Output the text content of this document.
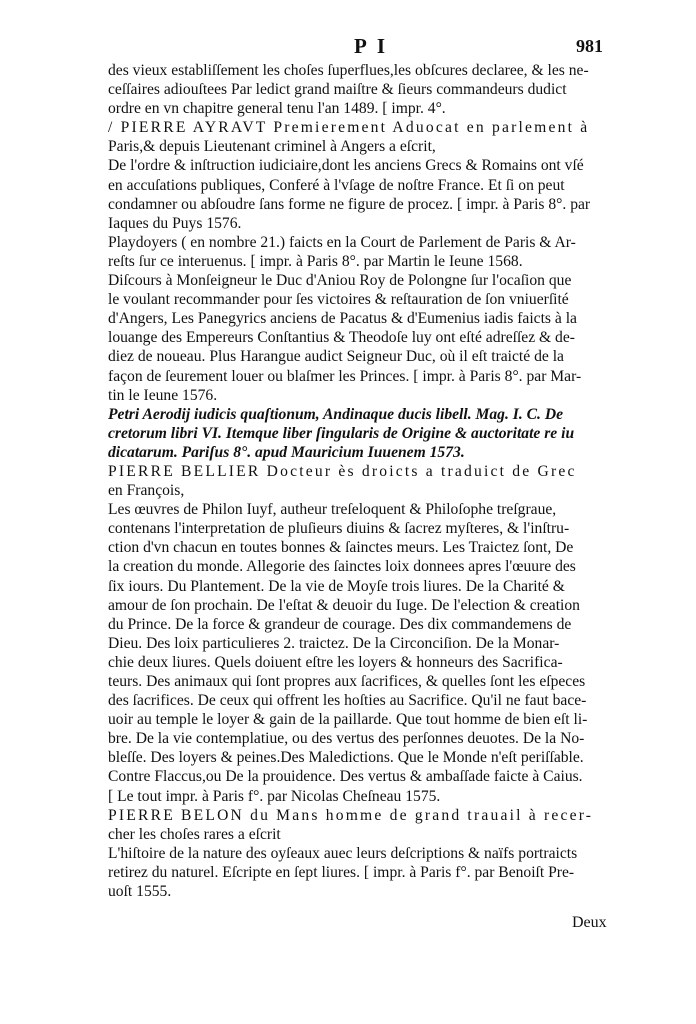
P I	981
des vieux establiſſement les choſes ſuperflues,les obſcures declaree, & les ne-
ceſſaires adiouſtees Par ledict grand maiſtre & ſieurs commandeurs dudict
ordre en vn chapitre general tenu l'an 1489. [ impr. 4°.
/ PIERRE AYRAVT Premierement Aduocat en parlement à
Paris,& depuis Lieutenant criminel à Angers a eſcrit,
De l'ordre & inſtruction iudiciaire,dont les anciens Grecs & Romains ont vſé
en accuſations publiques, Conferé à l'vſage de noſtre France. Et ſi on peut
condamner ou abſoudre ſans forme ne figure de procez. [ impr. à Paris 8°. par
Iaques du Puys 1576.
Playdoyers ( en nombre 21.) faicts en la Court de Parlement de Paris & Ar-
reſts ſur ce interuenus. [ impr. à Paris 8°. par Martin le Ieune 1568.
Diſcours à Monſeigneur le Duc d'Aniou Roy de Polongne ſur l'ocaſion que
le voulant recommander pour ſes victoires & reſtauration de ſon vniuerſité
d'Angers, Les Panegyrics anciens de Pacatus & d'Eumenius iadis faicts à la
louange des Empereurs Conſtantius & Theodoſe luy ont eſté adreſſez & de-
diez de noueau. Plus Harangue audict Seigneur Duc, où il eſt traicté de la
façon de ſeurement louer ou blaſmer les Princes. [ impr. à Paris 8°. par Mar-
tin le Ieune 1576.
Petri Aerodij iudicis quaſtionum, Andinaque ducis libell. Mag. I. C. De
cretorum libri VI. Itemque liber ſingularis de Origine & auctoritate re iu
dicatarum. Pariſus 8°. apud Mauricium Iuuenem 1573.
PIERRE BELLIER Docteur ès droicts a traduict de Grec
en François,
Les œuvres de Philon Iuyf, autheur treſeloquent & Philoſophe treſgraue,
contenans l'interpretation de pluſieurs diuins & ſacrez myſteres, & l'inſtru-
ction d'vn chacun en toutes bonnes & ſainctes meurs. Les Traictez ſont, De
la creation du monde. Allegorie des ſainctes loix donnees apres l'œuure des
ſix iours. Du Plantement. De la vie de Moyſe trois liures. De la Charité &
amour de ſon prochain. De l'eſtat & deuoir du Iuge. De l'election & creation
du Prince. De la force & grandeur de courage. Des dix commandemens de
Dieu. Des loix particulieres 2. traictez. De la Circonciſion. De la Monar-
chie deux liures. Quels doiuent eſtre les loyers & honneurs des Sacrifica-
teurs. Des animaux qui ſont propres aux ſacrifices, & quelles ſont les eſpeces
des ſacrifices. De ceux qui offrent les hoſties au Sacrifice. Qu'il ne faut bace-
uoir au temple le loyer & gain de la paillarde. Que tout homme de bien eſt li-
bre. De la vie contemplatiue, ou des vertus des perſonnes deuotes. De la No-
bleſſe. Des loyers & peines.Des Maledictions. Que le Monde n'eſt periſſable.
Contre Flaccus,ou De la prouidence. Des vertus & ambaſſade faicte à Caius.
[ Le tout impr. à Paris f°. par Nicolas Cheſneau 1575.
PIERRE BELON du Mans homme de grand trauail à recer-
cher les choſes rares a eſcrit
L'hiſtoire de la nature des oyſeaux auec leurs deſcriptions & naïfs portraicts
retirez du naturel. Eſcripte en ſept liures. [ impr. à Paris f°. par Benoiſt Pre-
uoſt 1555.
Deux
